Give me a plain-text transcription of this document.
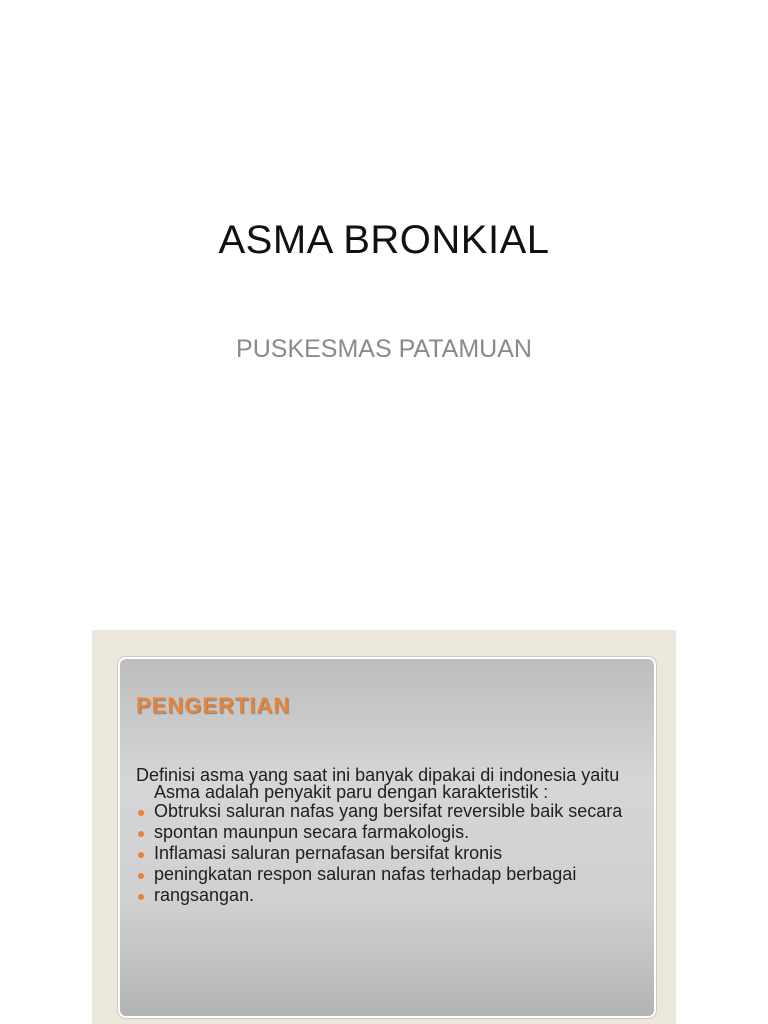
ASMA BRONKIAL
PUSKESMAS PATAMUAN
PENGERTIAN

Definisi asma yang saat ini banyak dipakai di indonesia yaitu Asma adalah penyakit paru dengan karakteristik :

Obtruksi saluran nafas yang bersifat reversible baik secara
spontan maunpun secara farmakologis.
Inflamasi saluran pernafasan bersifat kronis
peningkatan respon saluran nafas terhadap berbagai
rangsangan.
